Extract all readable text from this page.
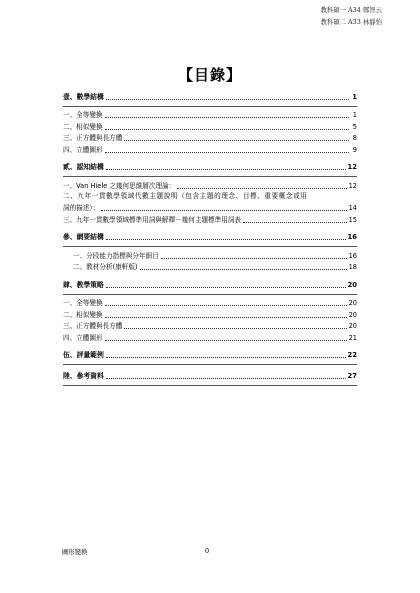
教科碩一 A34 鄭智云
教科碩二 A33 林靜怡
【目錄】
壹、數學結構	1
一、全等變換	1
二、相似變換	5
三、正方體與長方體	8
四、立體圖形	9
貳、認知結構	12
一、Van Hiele 之幾何思維層次理論：	12
二、九年一貫數學領域代數主題說明（包含主題的理念、目標、重要概念或用
詞的描述）：	14
三、九年一貫數學領域標準用詞與解釋－幾何主題標準用詞表	15
參、網要結構	16
一、分段能力指標與分年細目	16
二、教材分析(康軒版)	18
肆、教學策略	20
一、全等變換	20
二、相似變換	20
三、正方體與長方體	20
四、立體圖形	21
伍、評量範例	22
陸、參考資料	27
圖形變換	0
